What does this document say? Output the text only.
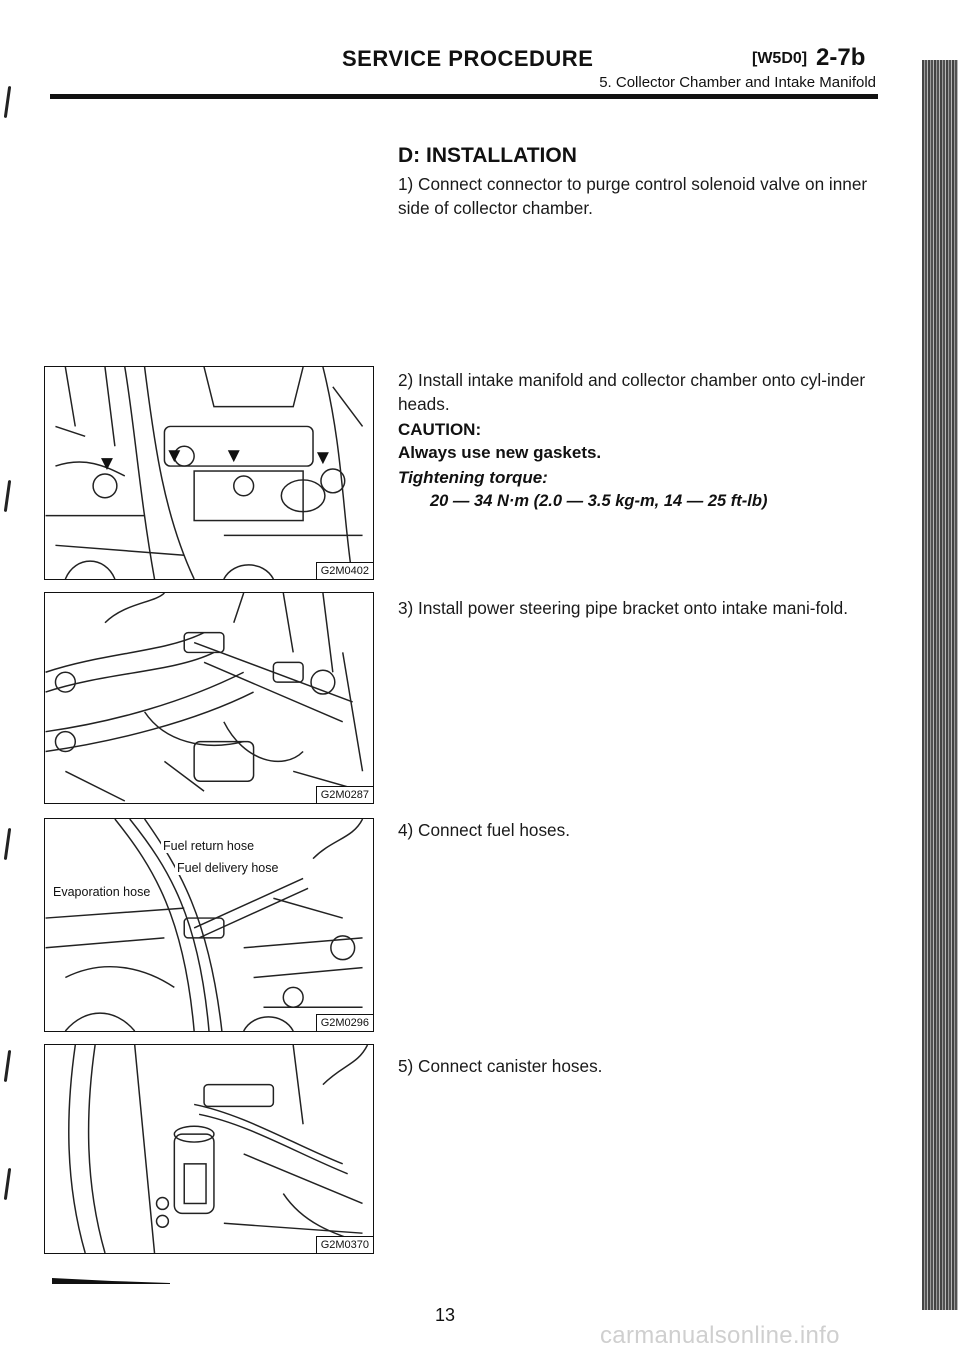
SERVICE PROCEDURE	[W5D0] 2-7b
5. Collector Chamber and Intake Manifold
D: INSTALLATION
1) Connect connector to purge control solenoid valve on inner side of collector chamber.
2) Install intake manifold and collector chamber onto cyl-inder heads.
CAUTION:
Always use new gaskets.
Tightening torque:
20 — 34 N·m (2.0 — 3.5 kg-m, 14 — 25 ft-lb)
3) Install power steering pipe bracket onto intake mani-fold.
4) Connect fuel hoses.
5) Connect canister hoses.
G2M0402
G2M0287
Fuel return hose
Fuel delivery hose
Evaporation hose
G2M0296
G2M0370
13
carmanualsonline.info
